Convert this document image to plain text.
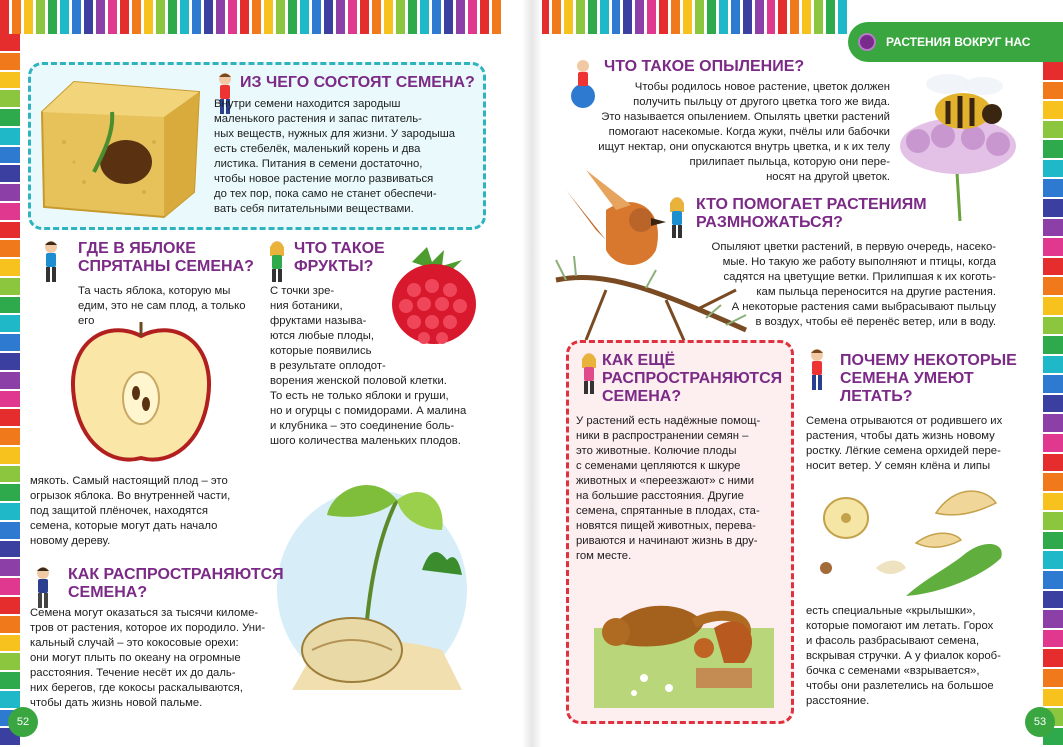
РАСТЕНИЯ ВОКРУГ НАС
52	53
ИЗ ЧЕГО СОСТОЯТ СЕМЕНА?
Внутри семени находится зародыш
маленького растения и запас питатель-
ных веществ, нужных для жизни. У зародыша
есть стебелёк, маленький корень и два
листика. Питания в семени достаточно,
чтобы новое растение могло развиваться
до тех пор, пока само не станет обеспечи-
вать себя питательными веществами.
ГДЕ В ЯБЛОКЕ
СПРЯТАНЫ СЕМЕНА?
Та часть яблока, которую мы
едим, это не сам плод, а только его
мякоть. Самый настоящий плод – это
огрызок яблока. Во внутренней части,
под защитой плёночек, находятся
семена, которые могут дать начало
новому дереву.
ЧТО ТАКОЕ
ФРУКТЫ?
С точки зре-
ния ботаники,
фруктами называ-
ются любые плоды,
которые появились
в результате оплодот-
ворения женской половой клетки.
То есть не только яблоки и груши,
но и огурцы с помидорами. А малина
и клубника – это соединение боль-
шого количества маленьких плодов.
КАК РАСПРОСТРАНЯЮТСЯ
СЕМЕНА?
Семена могут оказаться за тысячи киломе-
тров от растения, которое их породило. Уни-
кальный случай – это кокосовые орехи:
они могут плыть по океану на огромные
расстояния. Течение несёт их до даль-
них берегов, где кокосы раскалываются,
чтобы дать жизнь новой пальме.
ЧТО ТАКОЕ ОПЫЛЕНИЕ?
Чтобы родилось новое растение, цветок должен
получить пыльцу от другого цветка того же вида.
Это называется опылением. Опылять цветки растений
помогают насекомые. Когда жуки, пчёлы или бабочки
ищут нектар, они опускаются внутрь цветка, и к их телу
прилипает пыльца, которую они пере-
носят на другой цветок.
КТО ПОМОГАЕТ РАСТЕНИЯМ
РАЗМНОЖАТЬСЯ?
Опыляют цветки растений, в первую очередь, насеко-
мые. Но такую же работу выполняют и птицы, когда
садятся на цветущие ветки. Прилипшая к их коготь-
кам пыльца переносится на другие растения.
А некоторые растения сами выбрасывают пыльцу
в воздух, чтобы её перенёс ветер, или в воду.
КАК ЕЩЁ
РАСПРОСТРАНЯЮТСЯ
СЕМЕНА?
У растений есть надёжные помощ-
ники в распространении семян –
это животные. Колючие плоды
с семенами цепляются к шкуре
животных и «переезжают» с ними
на большие расстояния. Другие
семена, спрятанные в плодах, ста-
новятся пищей животных, перева-
риваются и начинают жизнь в дру-
гом месте.
ПОЧЕМУ НЕКОТОРЫЕ
СЕМЕНА УМЕЮТ
ЛЕТАТЬ?
Семена отрываются от родившего их
растения, чтобы дать жизнь новому
ростку. Лёгкие семена орхидей пере-
носит ветер. У семян клёна и липы
есть специальные «крылышки»,
которые помогают им летать. Горох
и фасоль разбрасывают семена,
вскрывая стручки. А у фиалок короб-
бочка с семенами «взрывается»,
чтобы они разлетелись на большое
расстояние.
